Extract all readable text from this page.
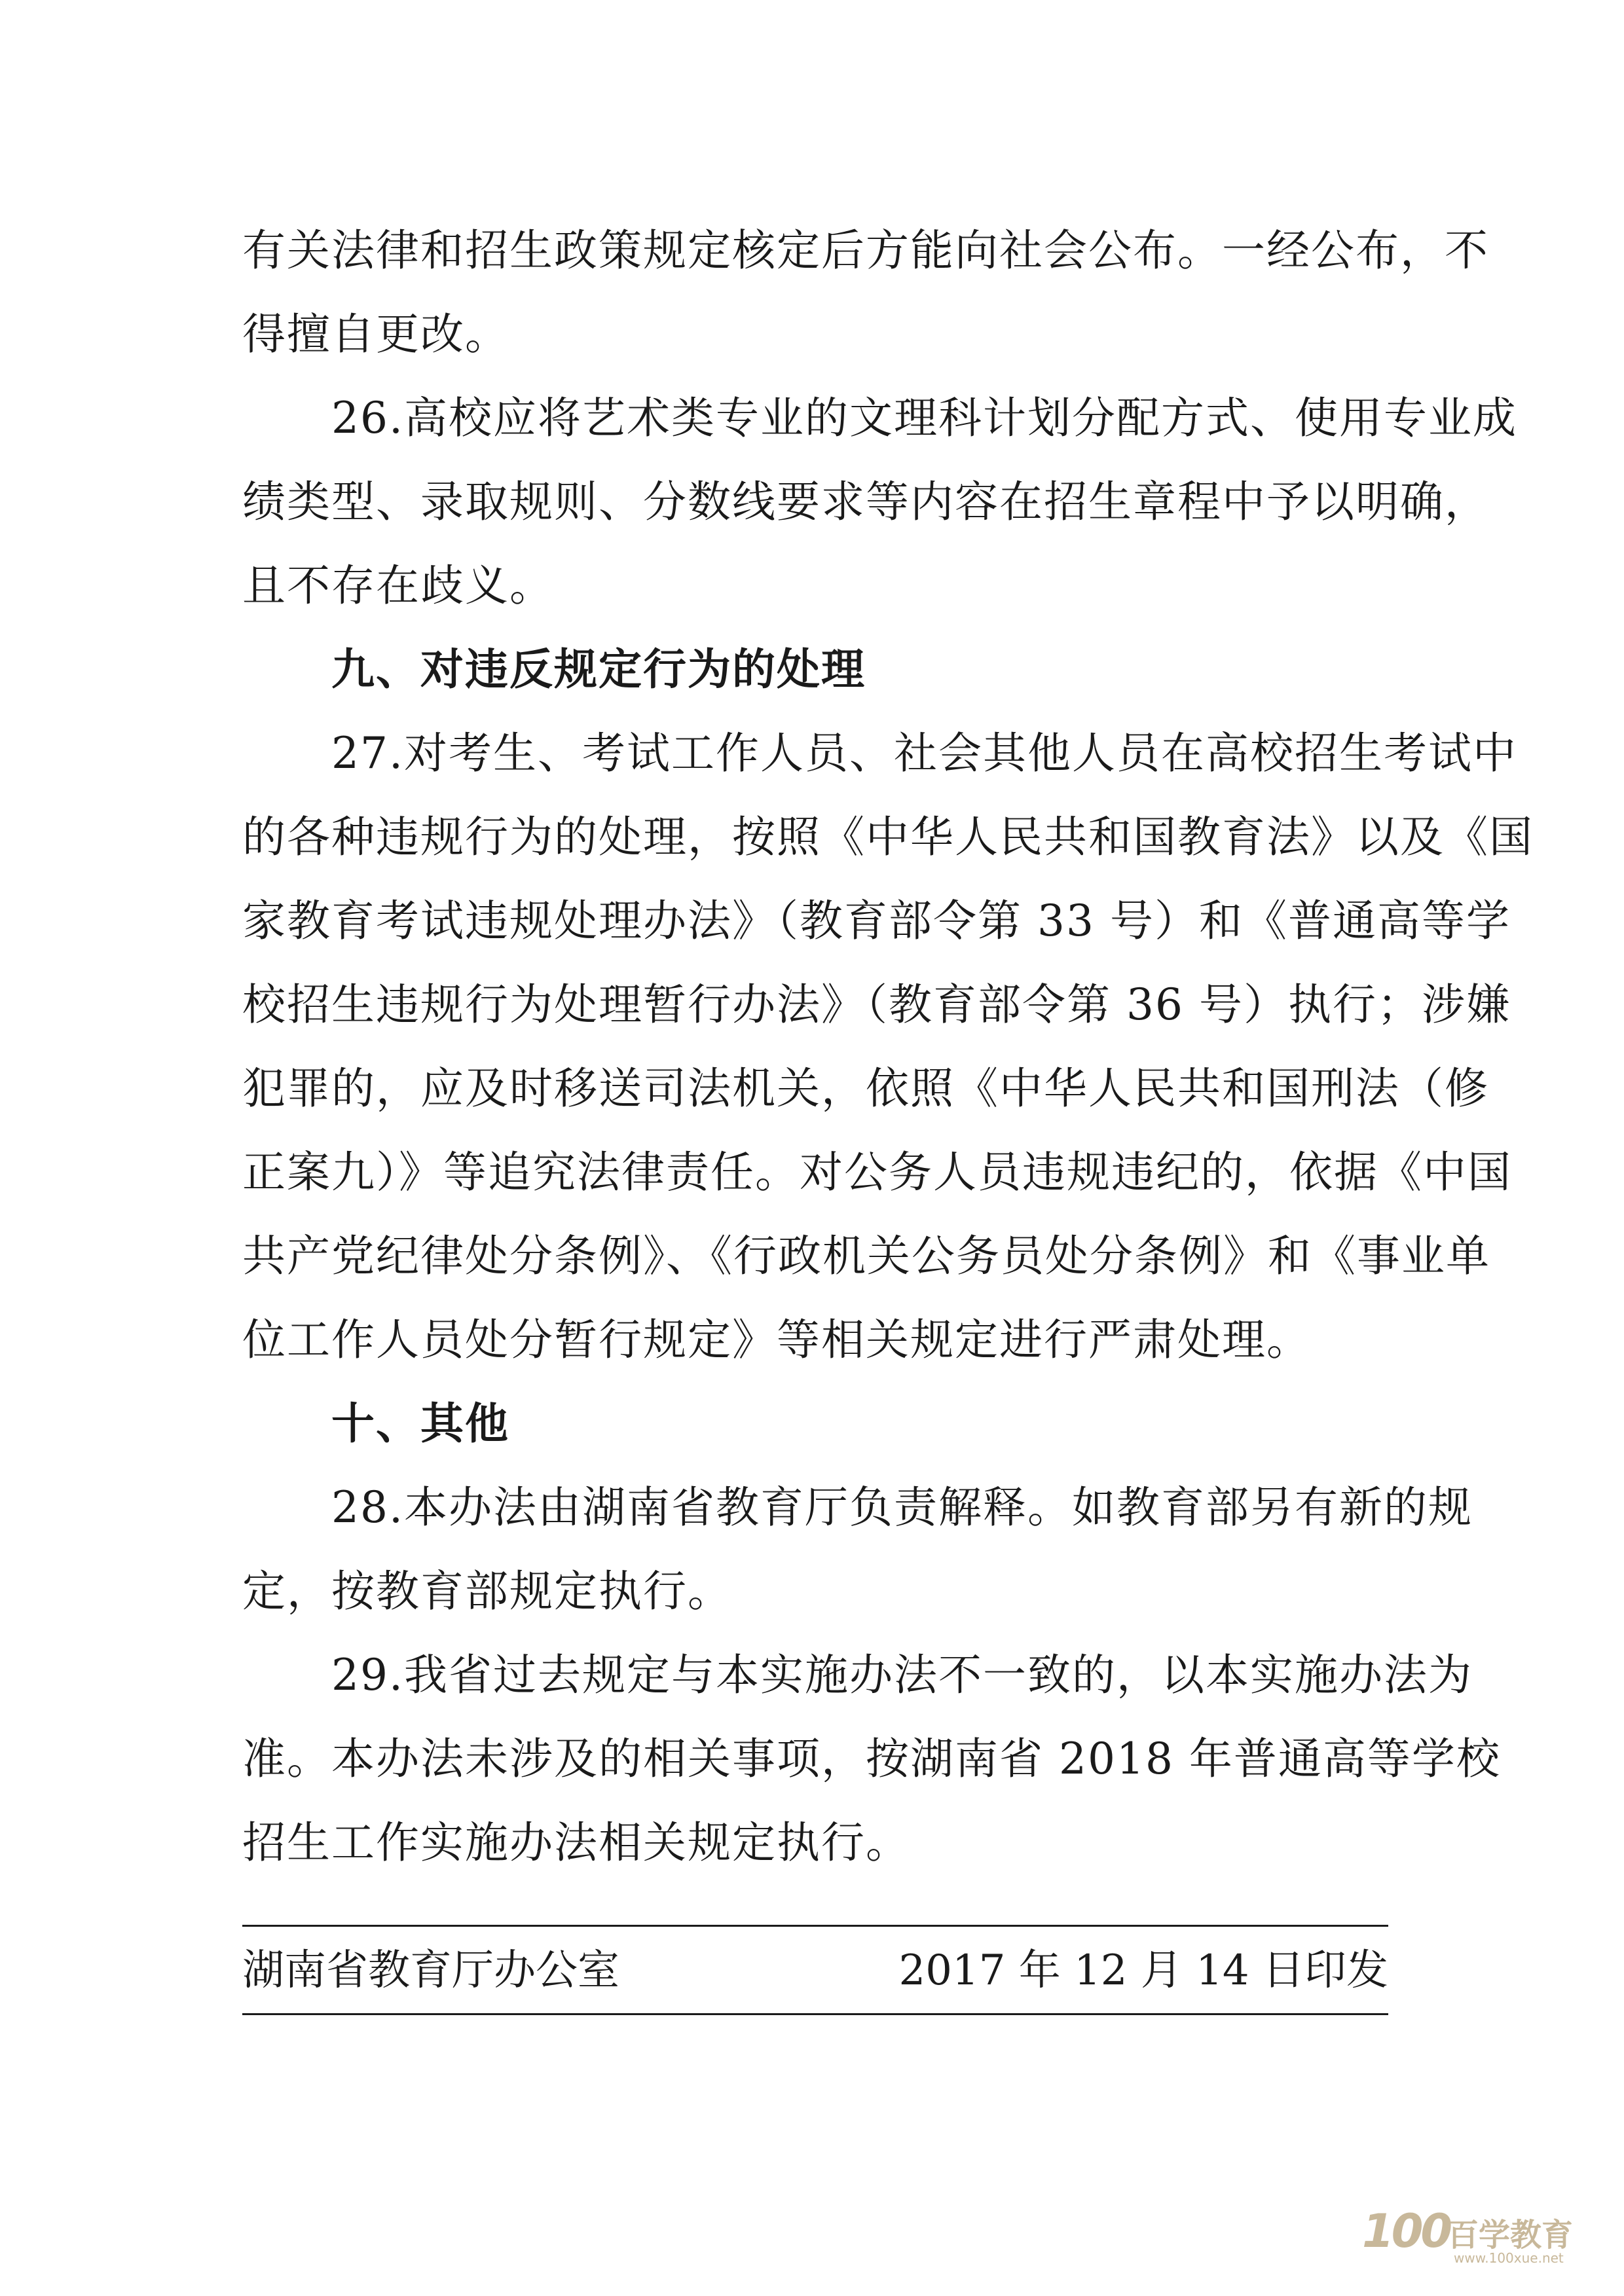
有关法律和招生政策规定核定后方能向社会公布。一经公布，不
得擅自更改。
26.高校应将艺术类专业的文理科计划分配方式、使用专业成
绩类型、录取规则、分数线要求等内容在招生章程中予以明确，
且不存在歧义。
九、对违反规定行为的处理
27.对考生、考试工作人员、社会其他人员在高校招生考试中
的各种违规行为的处理，按照《中华人民共和国教育法》以及《国
家教育考试违规处理办法》（教育部令第 33 号）和《普通高等学
校招生违规行为处理暂行办法》（教育部令第 36 号）执行；涉嫌
犯罪的，应及时移送司法机关，依照《中华人民共和国刑法（修
正案九）》等追究法律责任。对公务人员违规违纪的，依据《中国
共产党纪律处分条例》、《行政机关公务员处分条例》和《事业单
位工作人员处分暂行规定》等相关规定进行严肃处理。
十、其他
28.本办法由湖南省教育厅负责解释。如教育部另有新的规
定，按教育部规定执行。
29.我省过去规定与本实施办法不一致的，以本实施办法为
准。本办法未涉及的相关事项，按湖南省 2018 年普通高等学校
招生工作实施办法相关规定执行。
湖南省教育厅办公室	2017 年 12 月 14 日印发
100
百学教育
www.100xue.net
